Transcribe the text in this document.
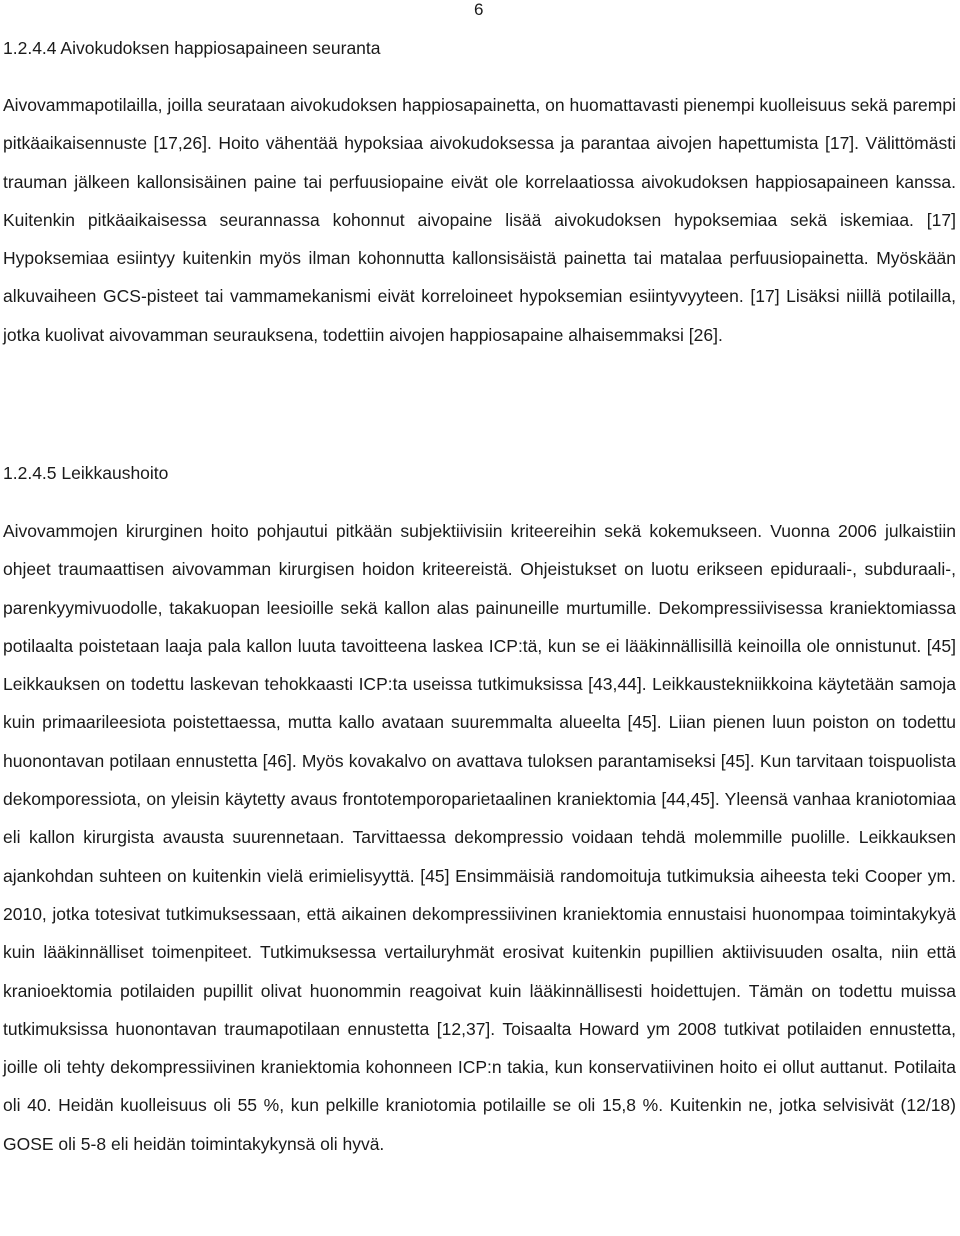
6
1.2.4.4 Aivokudoksen happiosapaineen seuranta

Aivovammapotilailla, joilla seurataan aivokudoksen happiosapainetta, on huomattavasti pienempi kuolleisuus sekä parempi pitkäaikaisennuste [17,26]. Hoito vähentää hypoksiaa aivokudoksessa ja parantaa aivojen hapettumista [17]. Välittömästi trauman jälkeen kallonsisäinen paine tai perfuusiopaine eivät ole korrelaatiossa aivokudoksen happiosapaineen kanssa. Kuitenkin pitkäaikaisessa seurannassa kohonnut aivopaine lisää aivokudoksen hypoksemiaa sekä iskemiaa. [17] Hypoksemiaa esiintyy kuitenkin myös ilman kohonnutta kallonsisäistä painetta tai matalaa perfuusiopainetta. Myöskään alkuvaiheen GCS-pisteet tai vammamekanismi eivät korreloineet hypoksemian esiintyvyyteen. [17] Lisäksi niillä potilailla, jotka kuolivat aivovamman seurauksena, todettiin aivojen happiosapaine alhaisemmaksi [26].

1.2.4.5 Leikkaushoito

Aivovammojen kirurginen hoito pohjautui pitkään subjektiivisiin kriteereihin sekä kokemukseen. Vuonna 2006 julkaistiin ohjeet traumaattisen aivovamman kirurgisen hoidon kriteereistä. Ohjeistukset on luotu erikseen epiduraali-, subduraali-, parenkyymivuodolle, takakuopan leesioille sekä kallon alas painuneille murtumille. Dekompressiivisessa kraniektomiassa potilaalta poistetaan laaja pala kallon luuta tavoitteena laskea ICP:tä, kun se ei lääkinnällisillä keinoilla ole onnistunut. [45] Leikkauksen on todettu laskevan tehokkaasti ICP:ta useissa tutkimuksissa [43,44]. Leikkaustekniikkoina käytetään samoja kuin primaarileesiota poistettaessa, mutta kallo avataan suuremmalta alueelta [45]. Liian pienen luun poiston on todettu huonontavan potilaan ennustetta [46]. Myös kovakalvo on avattava tuloksen parantamiseksi [45]. Kun tarvitaan toispuolista dekomporessiota, on yleisin käytetty avaus frontotemporoparietaalinen kraniektomia [44,45]. Yleensä vanhaa kraniotomiaa eli kallon kirurgista avausta suurennetaan. Tarvittaessa dekompressio voidaan tehdä molemmille puolille. Leikkauksen ajankohdan suhteen on kuitenkin vielä erimielisyyttä. [45] Ensimmäisiä randomoituja tutkimuksia aiheesta teki Cooper ym. 2010, jotka totesivat tutkimuksessaan, että aikainen dekompressiivinen kraniektomia ennustaisi huonompaa toimintakykyä kuin lääkinnälliset toimenpiteet. Tutkimuksessa vertailuryhmät erosivat kuitenkin pupillien aktiivisuuden osalta, niin että kranioektomia potilaiden pupillit olivat huonommin reagoivat kuin lääkinnällisesti hoidettujen. Tämän on todettu muissa tutkimuksissa huonontavan traumapotilaan ennustetta [12,37]. Toisaalta Howard ym 2008 tutkivat potilaiden ennustetta, joille oli tehty dekompressiivinen kraniektomia kohonneen ICP:n takia, kun konservatiivinen hoito ei ollut auttanut. Potilaita oli 40. Heidän kuolleisuus oli 55 %, kun pelkille kraniotomia potilaille se oli 15,8 %. Kuitenkin ne, jotka selvisivät (12/18) GOSE oli 5-8 eli heidän toimintakykynsä oli hyvä.
